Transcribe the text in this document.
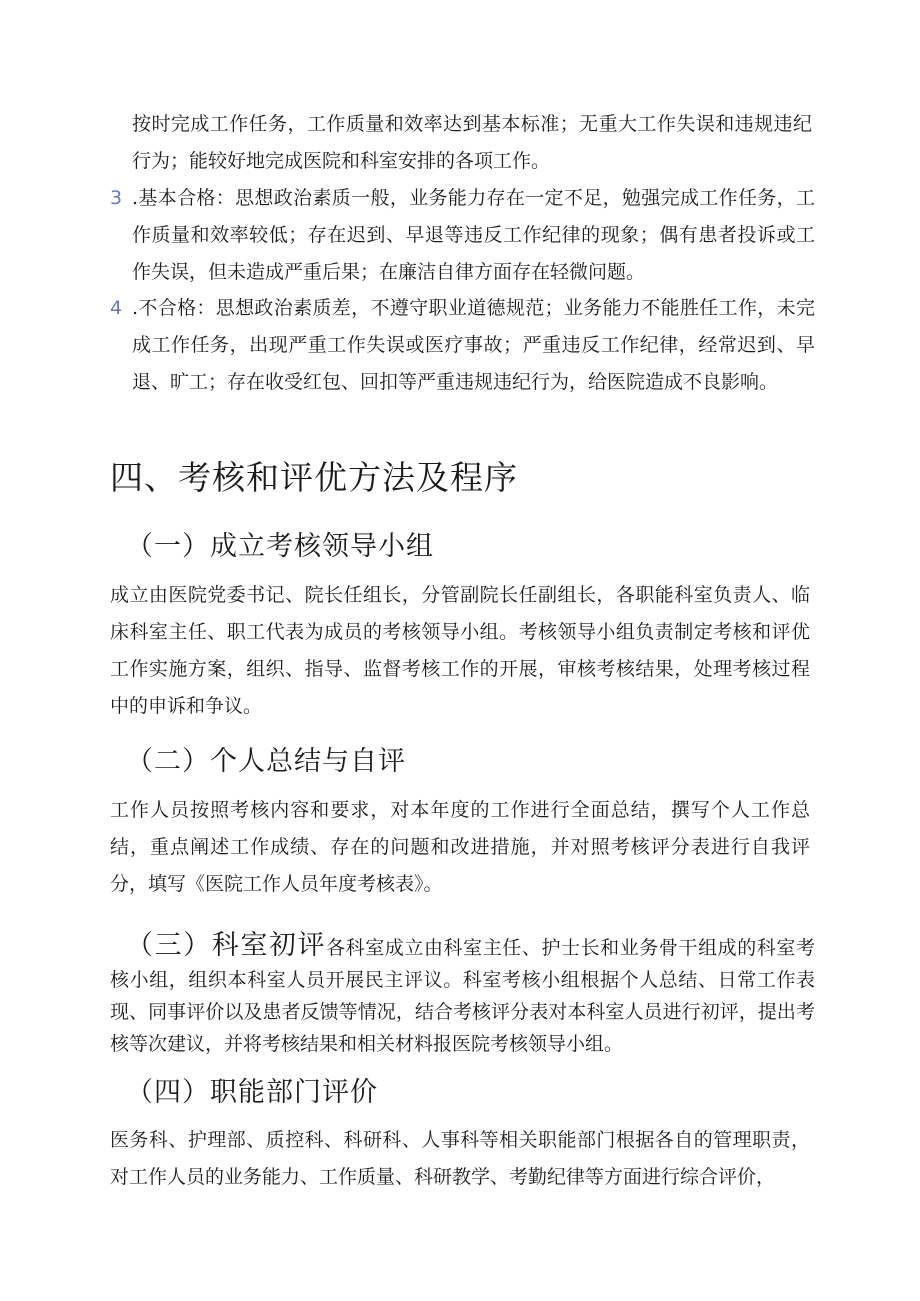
按时完成工作任务，工作质量和效率达到基本标准；无重大工作失误和违规违纪行为；能较好地完成医院和科室安排的各项工作。

3 .基本合格：思想政治素质一般，业务能力存在一定不足，勉强完成工作任务，工作质量和效率较低；存在迟到、早退等违反工作纪律的现象；偶有患者投诉或工作失误，但未造成严重后果；在廉洁自律方面存在轻微问题。
4 .不合格：思想政治素质差，不遵守职业道德规范；业务能力不能胜任工作，未完成工作任务，出现严重工作失误或医疗事故；严重违反工作纪律，经常迟到、早退、旷工；存在收受红包、回扣等严重违规违纪行为，给医院造成不良影响。
四、考核和评优方法及程序
（一）成立考核领导小组

成立由医院党委书记、院长任组长，分管副院长任副组长，各职能科室负责人、临床科室主任、职工代表为成员的考核领导小组。考核领导小组负责制定考核和评优工作实施方案，组织、指导、监督考核工作的开展，审核考核结果，处理考核过程中的申诉和争议。

（二）个人总结与自评

工作人员按照考核内容和要求，对本年度的工作进行全面总结，撰写个人工作总结，重点阐述工作成绩、存在的问题和改进措施，并对照考核评分表进行自我评分，填写《医院工作人员年度考核表》。

（三）科室初评各科室成立由科室主任、护士长和业务骨干组成的科室考核小组，组织本科室人员开展民主评议。科室考核小组根据个人总结、日常工作表现、同事评价以及患者反馈等情况，结合考核评分表对本科室人员进行初评，提出考核等次建议，并将考核结果和相关材料报医院考核领导小组。

（四）职能部门评价

医务科、护理部、质控科、科研科、人事科等相关职能部门根据各自的管理职责，对工作人员的业务能力、工作质量、科研教学、考勤纪律等方面进行综合评价，
